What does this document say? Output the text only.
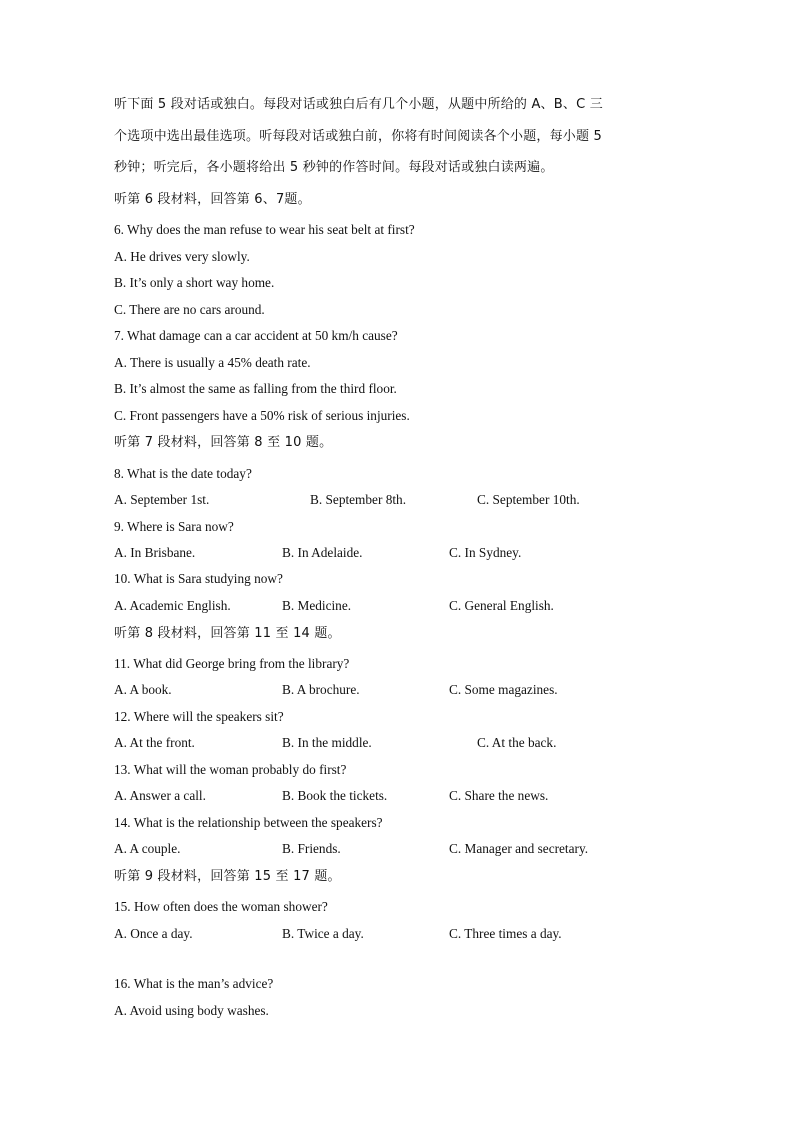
听下面 5 段对话或独白。每段对话或独白后有几个小题，从题中所给的 A、B、C 三
个选项中选出最佳选项。听每段对话或独白前，你将有时间阅读各个小题，每小题 5
秒钟；听完后，各小题将给出 5 秒钟的作答时间。每段对话或独白读两遍。
听第 6 段材料，回答第 6、7题。
6. Why does the man refuse to wear his seat belt at first?
A. He drives very slowly.
B. It’s only a short way home.
C. There are no cars around.
7. What damage can a car accident at 50 km/h cause?
A. There is usually a 45% death rate.
B. It’s almost the same as falling from the third floor.
C. Front passengers have a 50% risk of serious injuries.
听第 7 段材料，回答第 8 至 10 题。
8. What is the date today?
A. September 1st.	B. September 8th.	C. September 10th.
9. Where is Sara now?
A. In Brisbane.	B. In Adelaide.	C. In Sydney.
10. What is Sara studying now?
A. Academic English.	B. Medicine.	C. General English.
听第 8 段材料，回答第 11 至 14 题。
11. What did George bring from the library?
A. A book.	B. A brochure.	C. Some magazines.
12. Where will the speakers sit?
A. At the front.	B. In the middle.	C. At the back.
13. What will the woman probably do first?
A. Answer a call.	B. Book the tickets.	C. Share the news.
14. What is the relationship between the speakers?
A. A couple.	B. Friends.	C. Manager and secretary.
听第 9 段材料，回答第 15 至 17 题。
15. How often does the woman shower?
A. Once a day.	B. Twice a day.	C. Three times a day.
16. What is the man’s advice?
A. Avoid using body washes.
